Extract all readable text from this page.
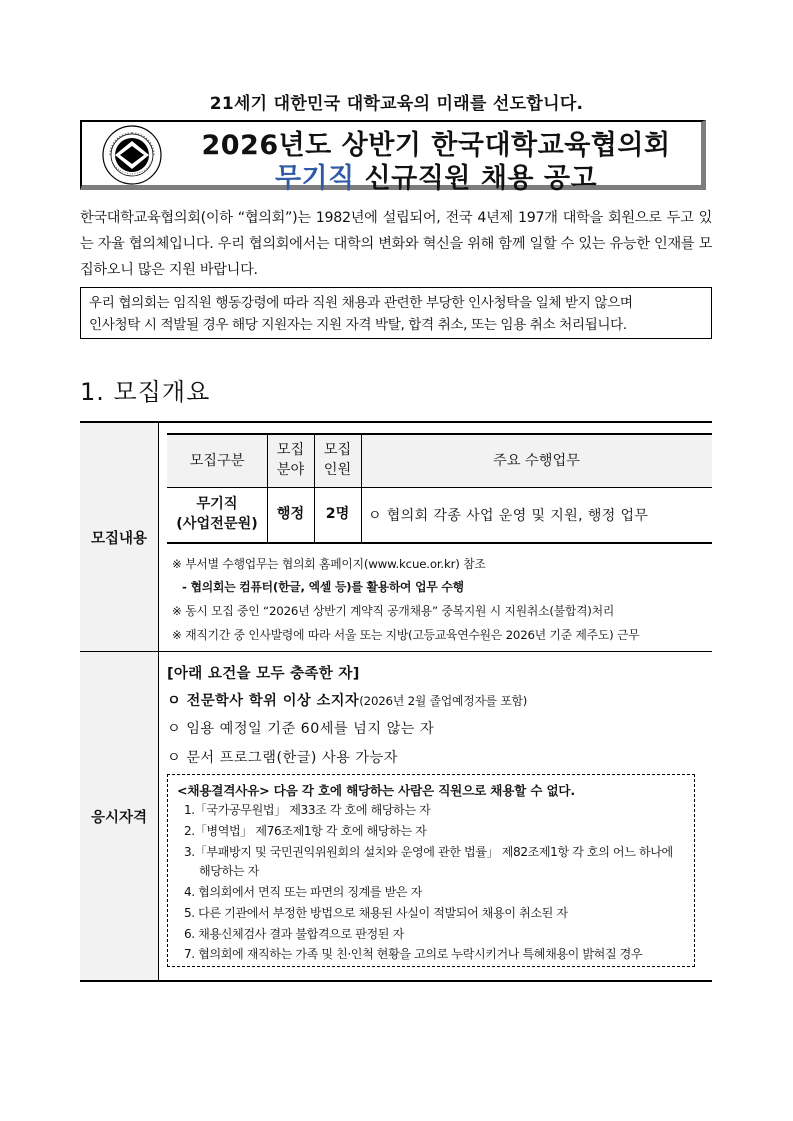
21세기 대한민국 대학교육의 미래를 선도합니다.
2026년도 상반기 한국대학교육협의회
무기직 신규직원 채용 공고
한국대학교육협의회(이하 “협의회”)는 1982년에 설립되어, 전국 4년제 197개 대학을 회원으로 두고 있는 자율 협의체입니다. 우리 협의회에서는 대학의 변화와 혁신을 위해 함께 일할 수 있는 유능한 인재를 모집하오니 많은 지원 바랍니다.
우리 협의회는 임직원 행동강령에 따라 직원 채용과 관련한 부당한 인사청탁을 일체 받지 않으며
인사청탁 시 적발될 경우 해당 지원자는 지원 자격 박탈, 합격 취소, 또는 임용 취소 처리됩니다.
1. 모집개요
모집내용
응시자격
모집구분
모집
분야
모집
인원
주요 수행업무
무기직
(사업전문원)
행정	2명	ㅇ 협의회 각종 사업 운영 및 지원, 행정 업무
※ 부서별 수행업무는 협의회 홈페이지(www.kcue.or.kr) 참조
- 협의회는 컴퓨터(한글, 엑셀 등)를 활용하여 업무 수행
※ 동시 모집 중인 “2026년 상반기 계약직 공개채용” 중복지원 시 지원취소(불합격)처리
※ 재직기간 중 인사발령에 따라 서울 또는 지방(고등교육연수원은 2026년 기준 제주도) 근무
[아래 요건을 모두 충족한 자]
ㅇ 전문학사 학위 이상 소지자(2026년 2월 졸업예정자를 포함)
ㅇ 임용 예정일 기준 60세를 넘지 않는 자
ㅇ 문서 프로그램(한글) 사용 가능자
<채용결격사유> 다음 각 호에 해당하는 사람은 직원으로 채용할 수 없다.
1.「국가공무원법」 제33조 각 호에 해당하는 자
2.「병역법」 제76조제1항 각 호에 해당하는 자
3.「부패방지 및 국민권익위원회의 설치와 운영에 관한 법률」 제82조제1항 각 호의 어느 하나에
해당하는 자
4. 협의회에서 면직 또는 파면의 징계를 받은 자
5. 다른 기관에서 부정한 방법으로 채용된 사실이 적발되어 채용이 취소된 자
6. 채용신체검사 결과 불합격으로 판정된 자
7. 협의회에 재직하는 가족 및 친·인척 현황을 고의로 누락시키거나 특혜채용이 밝혀질 경우
